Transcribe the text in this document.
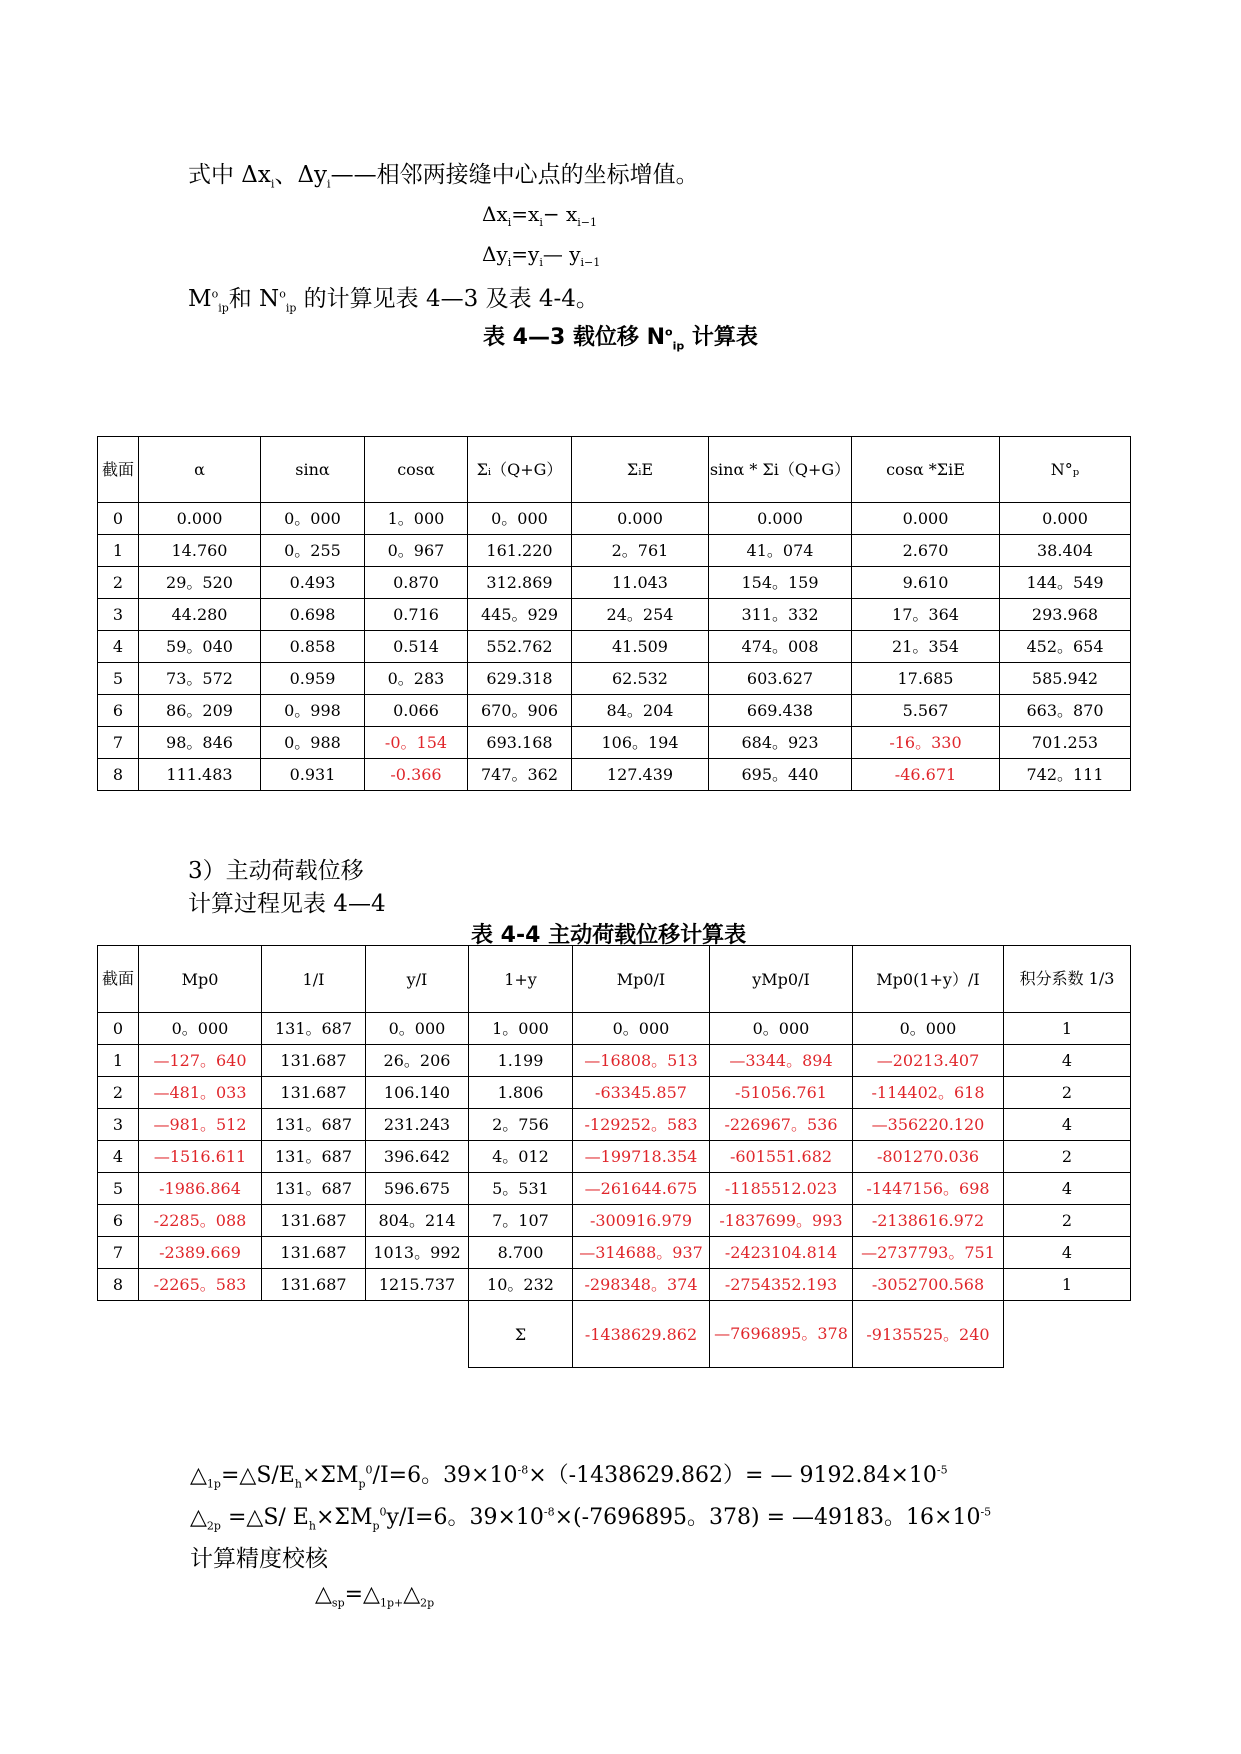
式中 $\Delta x_i$、$\Delta y_i——$相邻两接缝中心点的坐标增值。
$\Delta x_i=x_i- x_{i-1}$
$\Delta y_i=y_i—$ $y_{i-1}$
$M^o_{ip}$和 $N^o_{ip}$ 的计算见表 4—3 及表 4-4。
表 4—3 载位移 $N^o_{ip}$ 计算表
截面	α	sinα	cosα	Σᵢ（Q+G）	ΣᵢE	sinα * Σi（Q+G）	cosα *ΣiE	N°ₚ
0	0.000	0。000	1。000	0。000	0.000	0.000	0.000	0.000
1	14.760	0。255	0。967	161.220	2。761	41。074	2.670	38.404
2	29。520	0.493	0.870	312.869	11.043	154。159	9.610	144。549
3	44.280	0.698	0.716	445。929	24。254	311。332	17。364	293.968
4	59。040	0.858	0.514	552.762	41.509	474。008	21。354	452。654
5	73。572	0.959	0。283	629.318	62.532	603.627	17.685	585.942
6	86。209	0。998	0.066	670。906	84。204	669.438	5.567	663。870
7	98。846	0。988	-0。154	693.168	106。194	684。923	-16。330	701.253
8	111.483	0.931	-0.366	747。362	127.439	695。440	-46.671	742。111
3）主动荷载位移
计算过程见表 4—4
表 4-4 主动荷载位移计算表
截面	Mp0	1/I	y/I	1+y	Mp0/I	yMp0/I	Mp0(1+y）/I	积分系数 1/3
0	0。000	131。687	0。000	1。000	0。000	0。000	0。000	1
1	—127。640	131.687	26。206	1.199	—16808。513	—3344。894	—20213.407	4
2	—481。033	131.687	106.140	1.806	-63345.857	-51056.761	-114402。618	2
3	—981。512	131。687	231.243	2。756	-129252。583	-226967。536	—356220.120	4
4	—1516.611	131。687	396.642	4。012	—199718.354	-601551.682	-801270.036	2
5	-1986.864	131。687	596.675	5。531	—261644.675	-1185512.023	-1447156。698	4
6	-2285。088	131.687	804。214	7。107	-300916.979	-1837699。993	-2138616.972	2
7	-2389.669	131.687	1013。992	8.700	—314688。937	-2423104.814	—2737793。751	4
8	-2265。583	131.687	1215.737	10。232	-298348。374	-2754352.193	-3052700.568	1
				Σ	-1438629.862	—7696895。378	-9135525。240	
$\triangle_{1p}=\triangle S/E_h\times\Sigma M_p^0/I=6$。$39\times 10^{-8}\times(-1438629.862)=$ — $9192.84\times 10^{-5}$
$\triangle_{2p}$ =△S/ $E_h\times\Sigma M_p^0y/I=6$。$39\times 10^{-8}\times(-7696895$。378) = —49183。$16\times 10^{-5}$
计算精度校核
$\triangle_{sp}=\triangle_{1p+}\triangle_{2p}$
